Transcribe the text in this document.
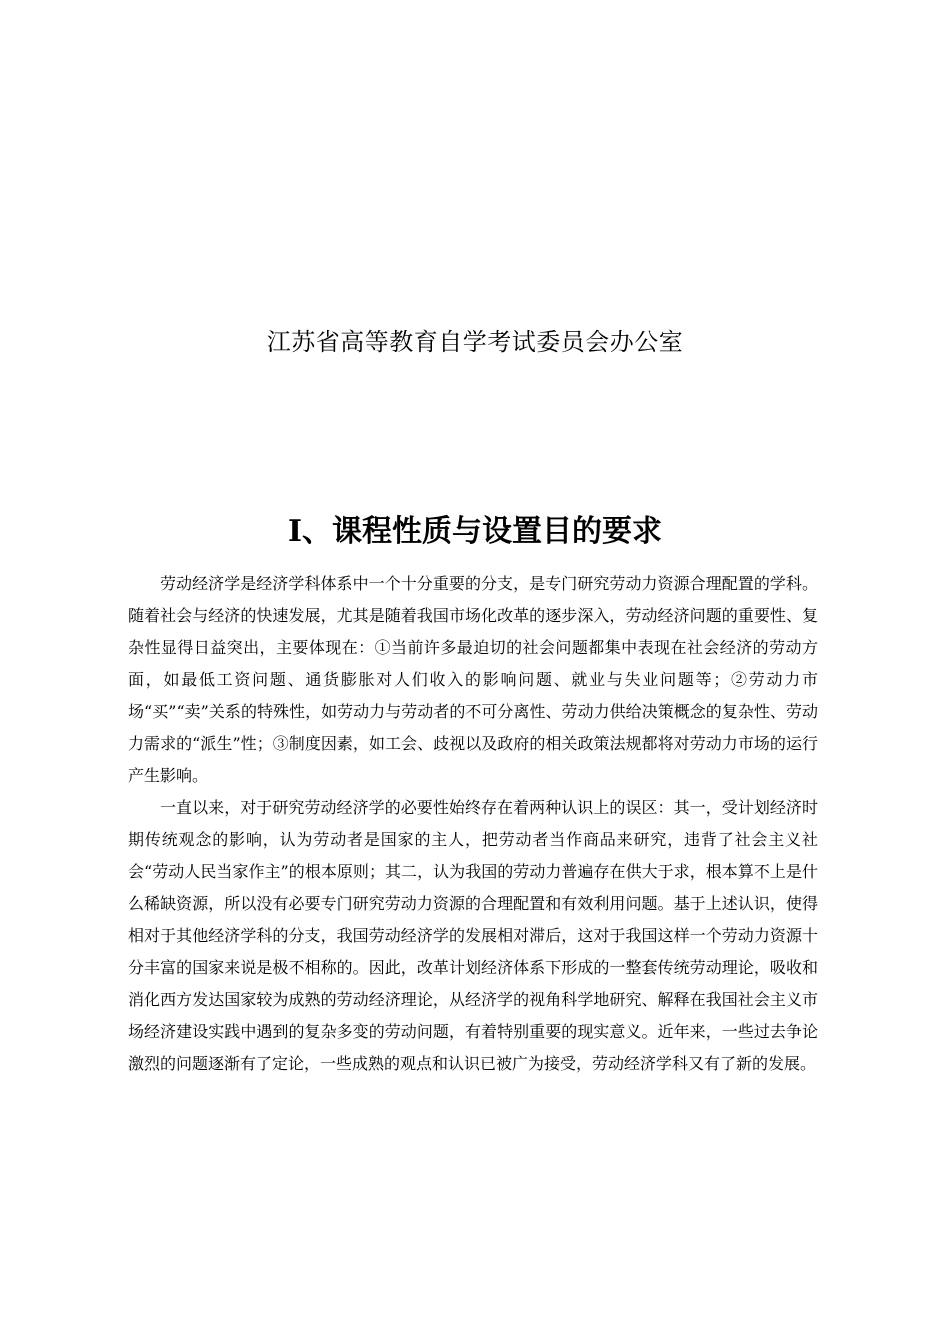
江苏省高等教育自学考试委员会办公室
I、课程性质与设置目的要求

劳动经济学是经济学科体系中一个十分重要的分支，是专门研究劳动力资源合理配置的学科。随着社会与经济的快速发展，尤其是随着我国市场化改革的逐步深入，劳动经济问题的重要性、复杂性显得日益突出，主要体现在：①当前许多最迫切的社会问题都集中表现在社会经济的劳动方面，如最低工资问题、通货膨胀对人们收入的影响问题、就业与失业问题等；②劳动力市场“买”“卖”关系的特殊性，如劳动力与劳动者的不可分离性、劳动力供给决策概念的复杂性、劳动力需求的“派生”性；③制度因素，如工会、歧视以及政府的相关政策法规都将对劳动力市场的运行产生影响。

一直以来，对于研究劳动经济学的必要性始终存在着两种认识上的误区：其一，受计划经济时期传统观念的影响，认为劳动者是国家的主人，把劳动者当作商品来研究，违背了社会主义社会“劳动人民当家作主”的根本原则；其二，认为我国的劳动力普遍存在供大于求，根本算不上是什么稀缺资源，所以没有必要专门研究劳动力资源的合理配置和有效利用问题。基于上述认识，使得相对于其他经济学科的分支，我国劳动经济学的发展相对滞后，这对于我国这样一个劳动力资源十分丰富的国家来说是极不相称的。因此，改革计划经济体系下形成的一整套传统劳动理论，吸收和消化西方发达国家较为成熟的劳动经济理论，从经济学的视角科学地研究、解释在我国社会主义市场经济建设实践中遇到的复杂多变的劳动问题，有着特别重要的现实意义。近年来，一些过去争论激烈的问题逐渐有了定论，一些成熟的观点和认识已被广为接受，劳动经济学科又有了新的发展。
